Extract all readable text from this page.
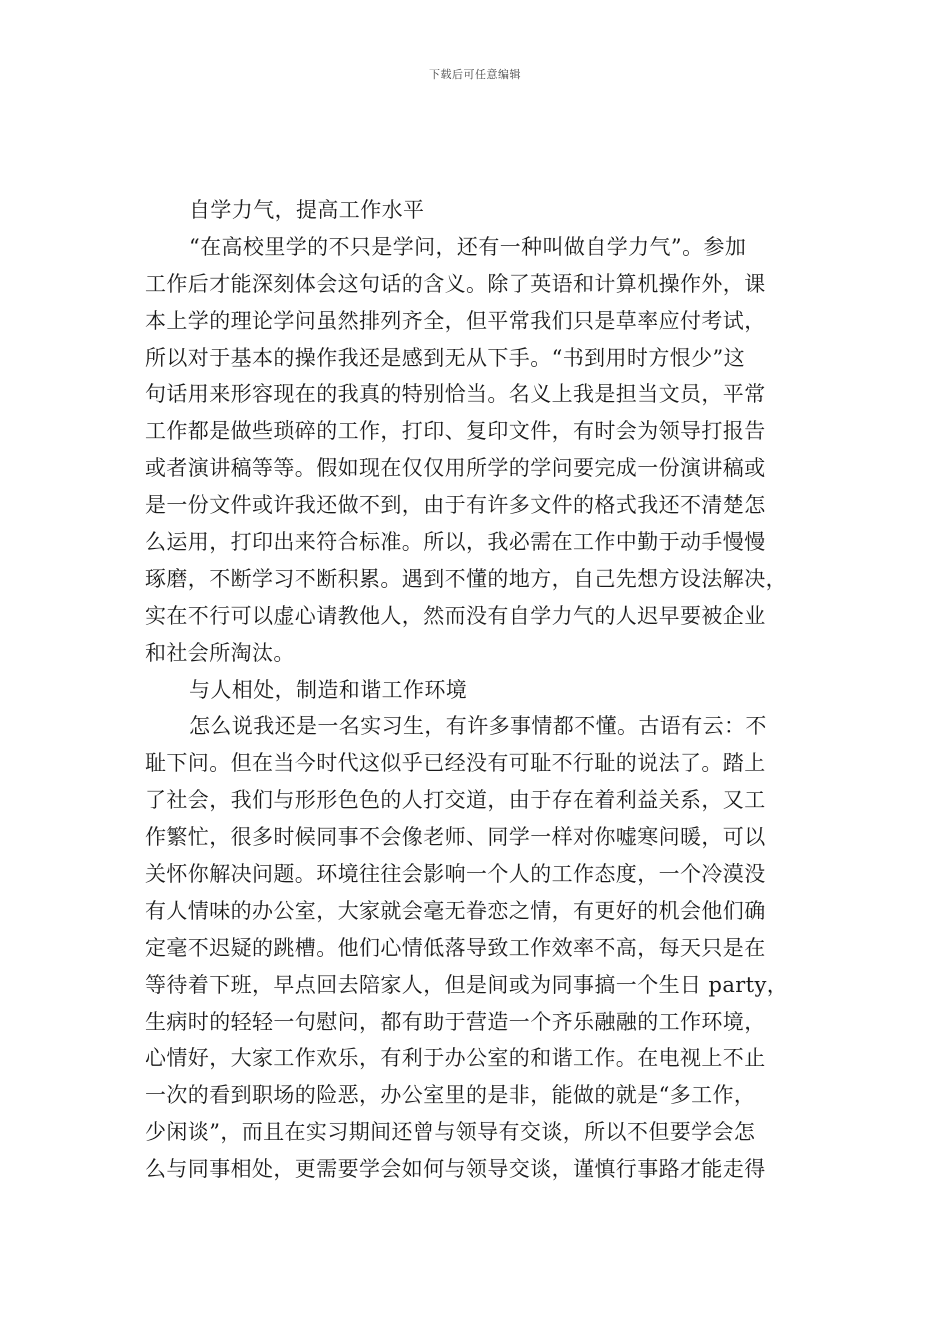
下载后可任意编辑
自学力气，提高工作水平
“在高校里学的不只是学问，还有一种叫做自学力气”。参加
工作后才能深刻体会这句话的含义。除了英语和计算机操作外，课
本上学的理论学问虽然排列齐全，但平常我们只是草率应付考试，
所以对于基本的操作我还是感到无从下手。“书到用时方恨少”这
句话用来形容现在的我真的特别恰当。名义上我是担当文员，平常
工作都是做些琐碎的工作，打印、复印文件，有时会为领导打报告
或者演讲稿等等。假如现在仅仅用所学的学问要完成一份演讲稿或
是一份文件或许我还做不到，由于有许多文件的格式我还不清楚怎
么运用，打印出来符合标准。所以，我必需在工作中勤于动手慢慢
琢磨，不断学习不断积累。遇到不懂的地方，自己先想方设法解决，
实在不行可以虚心请教他人，然而没有自学力气的人迟早要被企业
和社会所淘汰。
与人相处，制造和谐工作环境
怎么说我还是一名实习生，有许多事情都不懂。古语有云：不
耻下问。但在当今时代这似乎已经没有可耻不行耻的说法了。踏上
了社会，我们与形形色色的人打交道，由于存在着利益关系，又工
作繁忙，很多时候同事不会像老师、同学一样对你嘘寒问暖，可以
关怀你解决问题。环境往往会影响一个人的工作态度，一个冷漠没
有人情味的办公室，大家就会毫无眷恋之情，有更好的机会他们确
定毫不迟疑的跳槽。他们心情低落导致工作效率不高，每天只是在
等待着下班，早点回去陪家人，但是间或为同事搞一个生日 party，
生病时的轻轻一句慰问，都有助于营造一个齐乐融融的工作环境，
心情好，大家工作欢乐，有利于办公室的和谐工作。在电视上不止
一次的看到职场的险恶，办公室里的是非，能做的就是“多工作，
少闲谈”，而且在实习期间还曾与领导有交谈，所以不但要学会怎
么与同事相处，更需要学会如何与领导交谈，谨慎行事路才能走得
